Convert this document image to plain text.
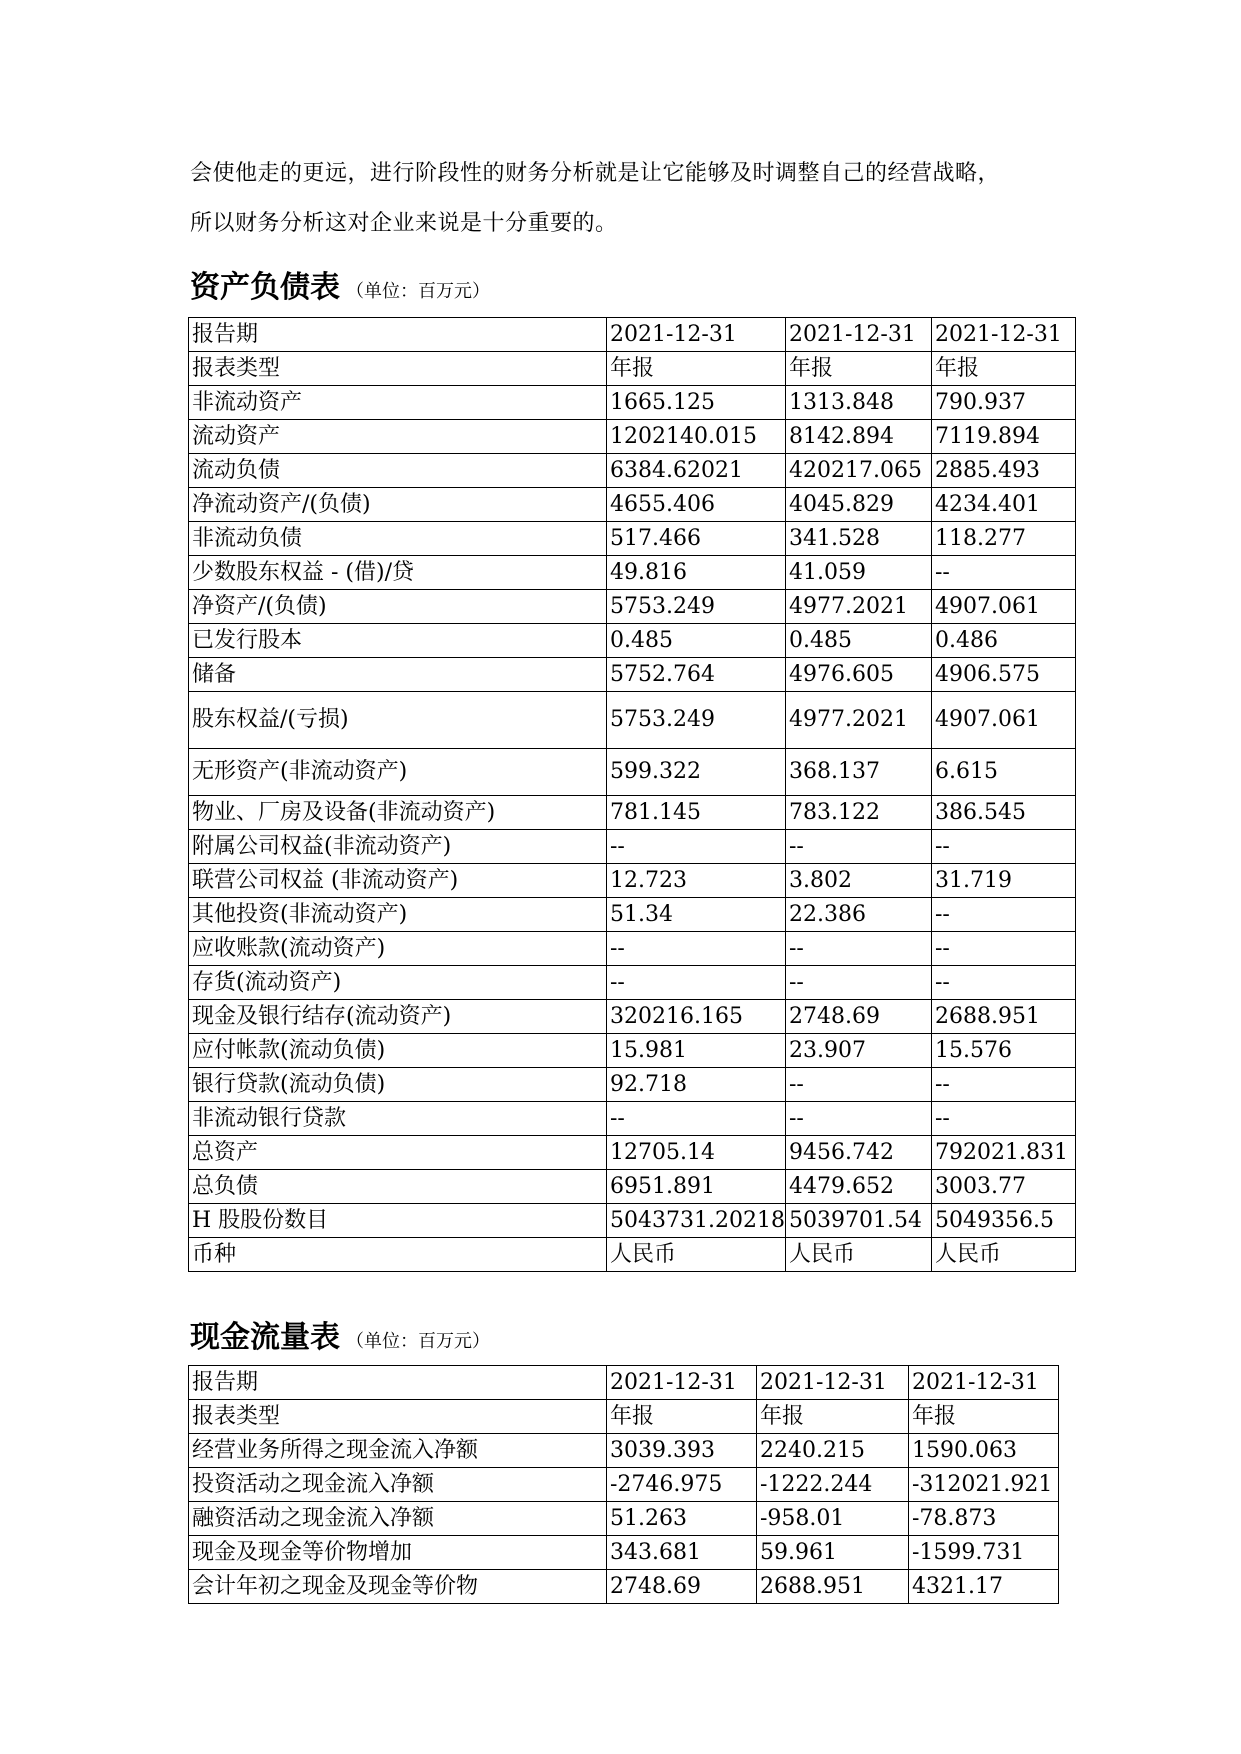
会使他走的更远，进行阶段性的财务分析就是让它能够及时调整自己的经营战略，
所以财务分析这对企业来说是十分重要的。
资产负债表 （单位：百万元）
报告期	2021-12-31	2021-12-31	2021-12-31
报表类型	年报	年报	年报
非流动资产	1665.125	1313.848	790.937
流动资产	1202140.015	8142.894	7119.894
流动负债	6384.62021	420217.065	2885.493
净流动资产/(负债)	4655.406	4045.829	4234.401
非流动负债	517.466	341.528	118.277
少数股东权益 - (借)/贷	49.816	41.059	--
净资产/(负债)	5753.249	4977.2021	4907.061
已发行股本	0.485	0.485	0.486
储备	5752.764	4976.605	4906.575
股东权益/(亏损)	5753.249	4977.2021	4907.061
无形资产(非流动资产)	599.322	368.137	6.615
物业、厂房及设备(非流动资产)	781.145	783.122	386.545
附属公司权益(非流动资产)	--	--	--
联营公司权益 (非流动资产)	12.723	3.802	31.719
其他投资(非流动资产)	51.34	22.386	--
应收账款(流动资产)	--	--	--
存货(流动资产)	--	--	--
现金及银行结存(流动资产)	320216.165	2748.69	2688.951
应付帐款(流动负债)	15.981	23.907	15.576
银行贷款(流动负债)	92.718	--	--
非流动银行贷款	--	--	--
总资产	12705.14	9456.742	792021.831
总负债	6951.891	4479.652	3003.77
H 股股份数目	5043731.20218	5039701.54	5049356.5
币种	人民币	人民币	人民币
现金流量表 （单位：百万元）
报告期	2021-12-31	2021-12-31	2021-12-31
报表类型	年报	年报	年报
经营业务所得之现金流入净额	3039.393	2240.215	1590.063
投资活动之现金流入净额	-2746.975	-1222.244	-312021.921
融资活动之现金流入净额	51.263	-958.01	-78.873
现金及现金等价物增加	343.681	59.961	-1599.731
会计年初之现金及现金等价物	2748.69	2688.951	4321.17
